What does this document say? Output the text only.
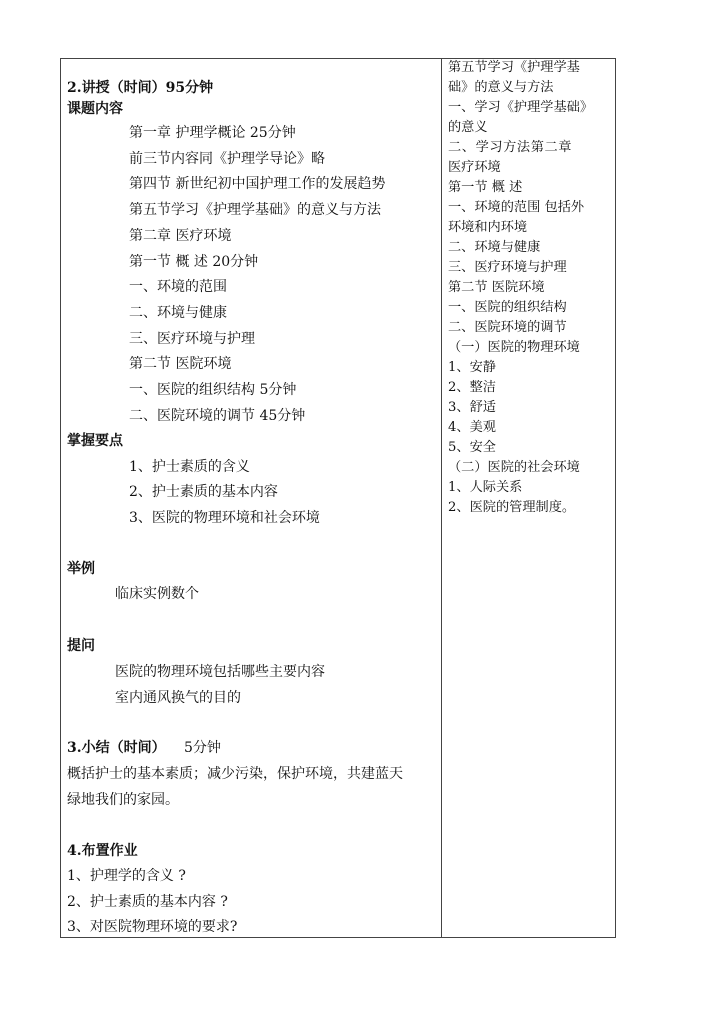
2.讲授（时间）95分钟
课题内容
第一章 护理学概论 25分钟
前三节内容同《护理学导论》略
第四节 新世纪初中国护理工作的发展趋势
第五节学习《护理学基础》的意义与方法
第二章 医疗环境
第一节 概 述 20分钟
一、环境的范围
二、环境与健康
三、医疗环境与护理
第二节 医院环境
一、医院的组织结构 5分钟
二、医院环境的调节 45分钟
掌握要点
1、护士素质的含义
2、护士素质的基本内容
3、医院的物理环境和社会环境
举例
临床实例数个
提问
医院的物理环境包括哪些主要内容
室内通风换气的目的
3.小结（时间） 5分钟
概括护士的基本素质；减少污染，保护环境，共建蓝天
绿地我们的家园。
4.布置作业
1、护理学的含义 ?
2、护士素质的基本内容 ?
3、对医院物理环境的要求?
第五节学习《护理学基
础》的意义与方法
一、学习《护理学基础》
的意义
二、学习方法第二章
医疗环境
第一节 概 述
一、环境的范围 包括外
环境和内环境
二、环境与健康
三、医疗环境与护理
第二节 医院环境
一、医院的组织结构
二、医院环境的调节
（一）医院的物理环境
1、安静
2、整洁
3、舒适
4、美观
5、安全
（二）医院的社会环境
1、人际关系
2、医院的管理制度。
